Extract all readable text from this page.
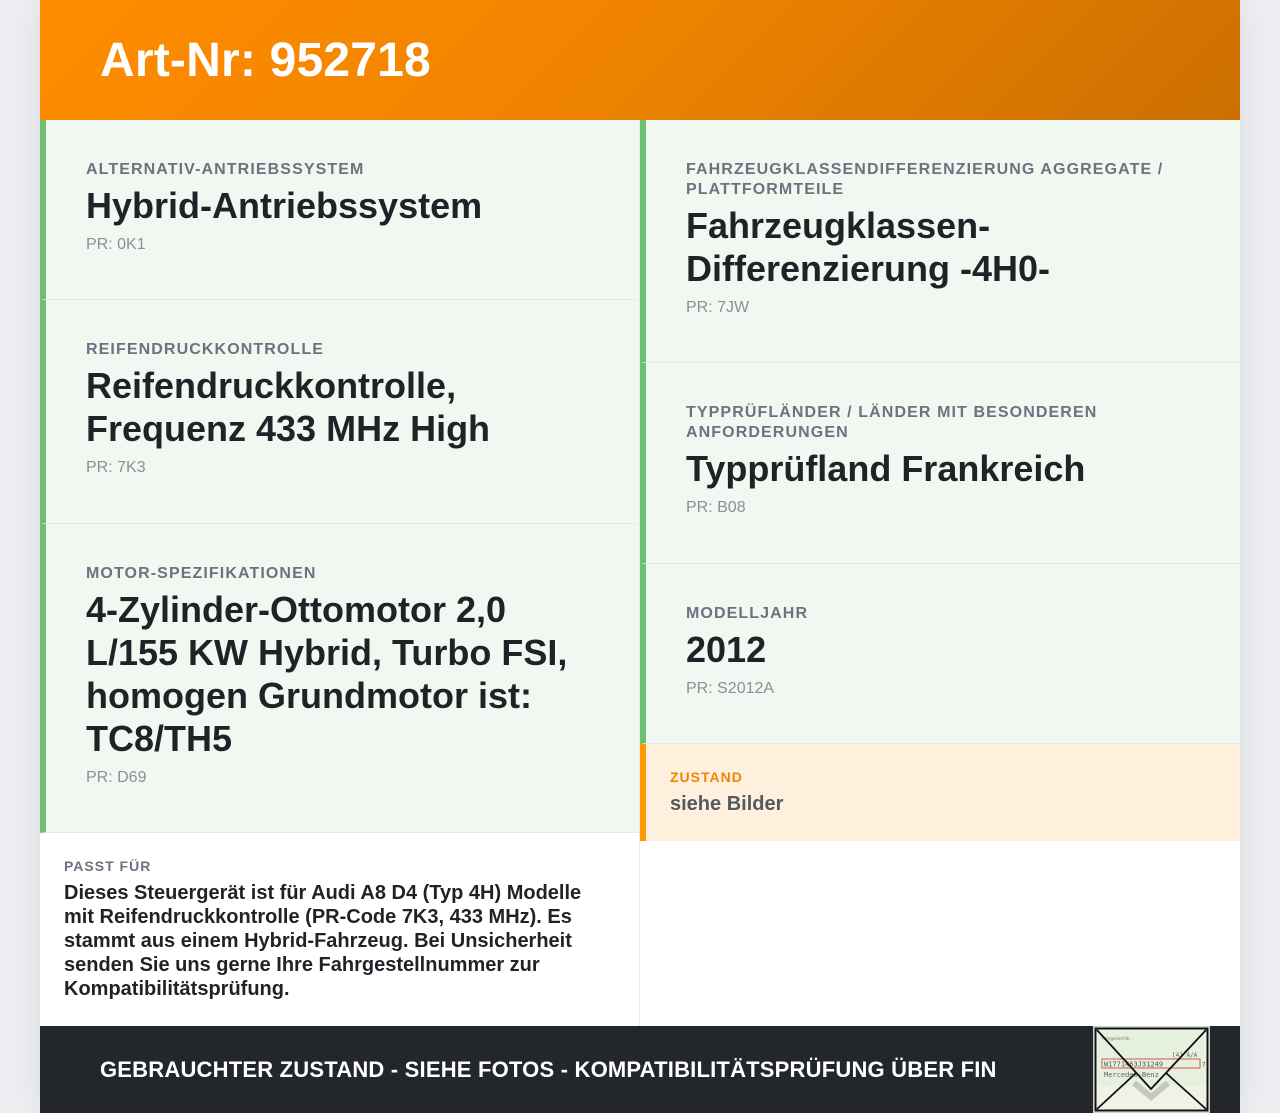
Art-Nr: 952718
ALTERNATIV-ANTRIEBSSYSTEM
Hybrid-Antriebssystem
PR: 0K1
REIFENDRUCKKONTROLLE
Reifendruckkontrolle, Frequenz 433 MHz High
PR: 7K3
MOTOR-SPEZIFIKATIONEN
4-Zylinder-Ottomotor 2,0 L/155 KW Hybrid, Turbo FSI, homogen Grundmotor ist: TC8/TH5
PR: D69
PASST FÜR
Dieses Steuergerät ist für Audi A8 D4 (Typ 4H) Modelle mit Reifendruckkontrolle (PR-Code 7K3, 433 MHz). Es stammt aus einem Hybrid-Fahrzeug. Bei Unsicherheit senden Sie uns gerne Ihre Fahrgestellnummer zur Kompatibilitätsprüfung.
FAHRZEUGKLASSENDIFFERENZIERUNG AGGREGATE / PLATTFORMTEILE
Fahrzeugklassen-Differenzierung -4H0-
PR: 7JW
TYPPRÜFLÄNDER / LÄNDER MIT BESONDEREN ANFORDERUNGEN
Typprüfland Frankreich
PR: B08
MODELLJAHR
2012
PR: S2012A
ZUSTAND
siehe Bilder
GEBRAUCHTER ZUSTAND - SIEHE FOTOS - KOMPATIBILITÄTSPRÜFUNG ÜBER FIN
Fahrgestell-Nr.
[4] A/A
W1771463J31249	7
Mercedes-Benz
